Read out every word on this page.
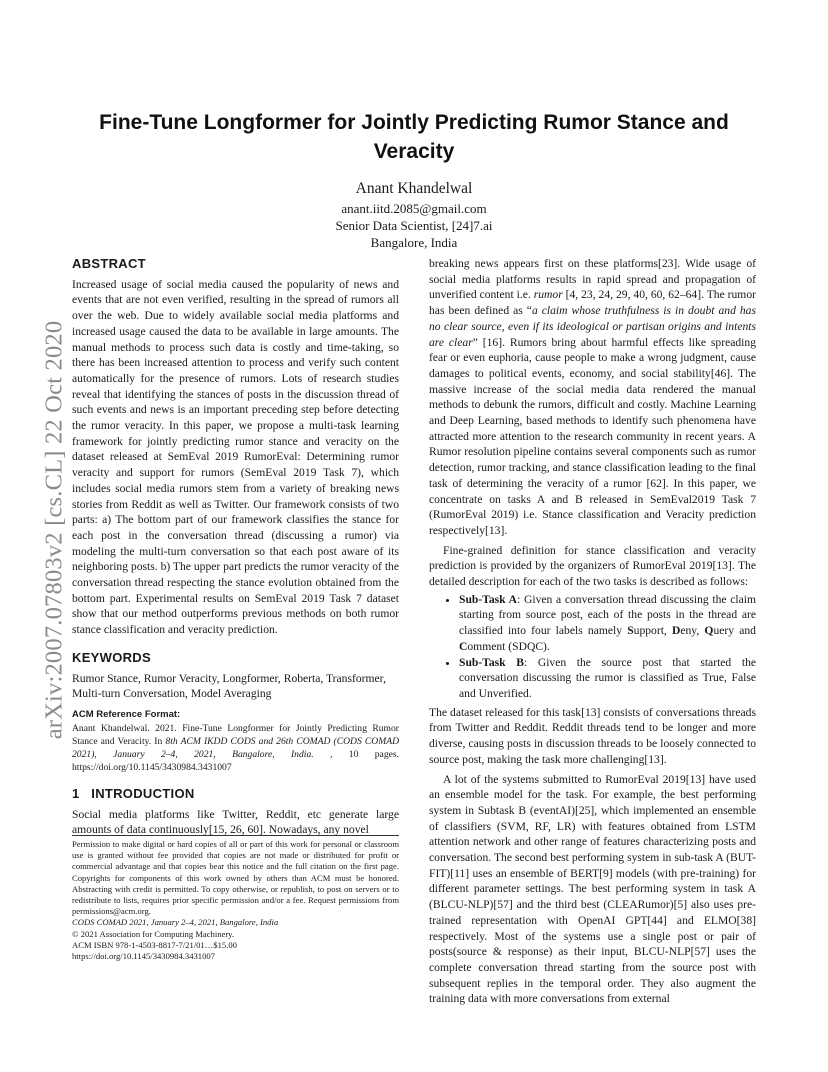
arXiv:2007.07803v2 [cs.CL] 22 Oct 2020
Fine-Tune Longformer for Jointly Predicting Rumor Stance and Veracity
Anant Khandelwal
anant.iitd.2085@gmail.com
Senior Data Scientist, [24]7.ai
Bangalore, India
ABSTRACT

Increased usage of social media caused the popularity of news and events that are not even verified, resulting in the spread of rumors all over the web. Due to widely available social media platforms and increased usage caused the data to be available in large amounts. The manual methods to process such data is costly and time-taking, so there has been increased attention to process and verify such content automatically for the presence of rumors. Lots of research studies reveal that identifying the stances of posts in the discussion thread of such events and news is an important preceding step before detecting the rumor veracity. In this paper, we propose a multi-task learning framework for jointly predicting rumor stance and veracity on the dataset released at SemEval 2019 RumorEval: Determining rumor veracity and support for rumors (SemEval 2019 Task 7), which includes social media rumors stem from a variety of breaking news stories from Reddit as well as Twitter. Our framework consists of two parts: a) The bottom part of our framework classifies the stance for each post in the conversation thread (discussing a rumor) via modeling the multi-turn conversation so that each post aware of its neighboring posts. b) The upper part predicts the rumor veracity of the conversation thread respecting the stance evolution obtained from the bottom part. Experimental results on SemEval 2019 Task 7 dataset show that our method outperforms previous methods on both rumor stance classification and veracity prediction.

KEYWORDS

Rumor Stance, Rumor Veracity, Longformer, Roberta, Transformer, Multi-turn Conversation, Model Averaging

ACM Reference Format:

Anant Khandelwal. 2021. Fine-Tune Longformer for Jointly Predicting Rumor Stance and Veracity. In 8th ACM IKDD CODS and 26th COMAD (CODS COMAD 2021), January 2–4, 2021, Bangalore, India. , 10 pages. https://doi.org/10.1145/3430984.3431007

1 INTRODUCTION

Social media platforms like Twitter, Reddit, etc generate large amounts of data continuously[15, 26, 60]. Nowadays, any novel

Permission to make digital or hard copies of all or part of this work for personal or classroom use is granted without fee provided that copies are not made or distributed for profit or commercial advantage and that copies bear this notice and the full citation on the first page. Copyrights for components of this work owned by others than ACM must be honored. Abstracting with credit is permitted. To copy otherwise, or republish, to post on servers or to redistribute to lists, requires prior specific permission and/or a fee. Request permissions from permissions@acm.org.

CODS COMAD 2021, January 2–4, 2021, Bangalore, India

© 2021 Association for Computing Machinery.

ACM ISBN 978-1-4503-8817-7/21/01…$15.00

https://doi.org/10.1145/3430984.3431007

breaking news appears first on these platforms[23]. Wide usage of social media platforms results in rapid spread and propagation of unverified content i.e. rumor [4, 23, 24, 29, 40, 60, 62–64]. The rumor has been defined as “a claim whose truthfulness is in doubt and has no clear source, even if its ideological or partisan origins and intents are clear” [16]. Rumors bring about harmful effects like spreading fear or even euphoria, cause people to make a wrong judgment, cause damages to political events, economy, and social stability[46]. The massive increase of the social media data rendered the manual methods to debunk the rumors, difficult and costly. Machine Learning and Deep Learning, based methods to identify such phenomena have attracted more attention to the research community in recent years. A Rumor resolution pipeline contains several components such as rumor detection, rumor tracking, and stance classification leading to the final task of determining the veracity of a rumor [62]. In this paper, we concentrate on tasks A and B released in SemEval2019 Task 7 (RumorEval 2019) i.e. Stance classification and Veracity prediction respectively[13].

Fine-grained definition for stance classification and veracity prediction is provided by the organizers of RumorEval 2019[13]. The detailed description for each of the two tasks is described as follows:

• Sub-Task A: Given a conversation thread discussing the claim starting from source post, each of the posts in the thread are classified into four labels namely Support, Deny, Query and Comment (SDQC).
• Sub-Task B: Given the source post that started the conversation discussing the rumor is classified as True, False and Unverified.

The dataset released for this task[13] consists of conversations threads from Twitter and Reddit. Reddit threads tend to be longer and more diverse, causing posts in discussion threads to be loosely connected to source post, making the task more challenging[13].

A lot of the systems submitted to RumorEval 2019[13] have used an ensemble model for the task. For example, the best performing system in Subtask B (eventAI)[25], which implemented an ensemble of classifiers (SVM, RF, LR) with features obtained from LSTM attention network and other range of features characterizing posts and conversation. The second best performing system in sub-task A (BUT-FIT)[11] uses an ensemble of BERT[9] models (with pre-training) for different parameter settings. The best performing system in task A (BLCU-NLP)[57] and the third best (CLEARumor)[5] also uses pre-trained representation with OpenAI GPT[44] and ELMO[38] respectively. Most of the systems use a single post or pair of posts(source & response) as their input, BLCU-NLP[57] uses the complete conversation thread starting from the source post with subsequent replies in the temporal order. They also augment the training data with more conversations from external
